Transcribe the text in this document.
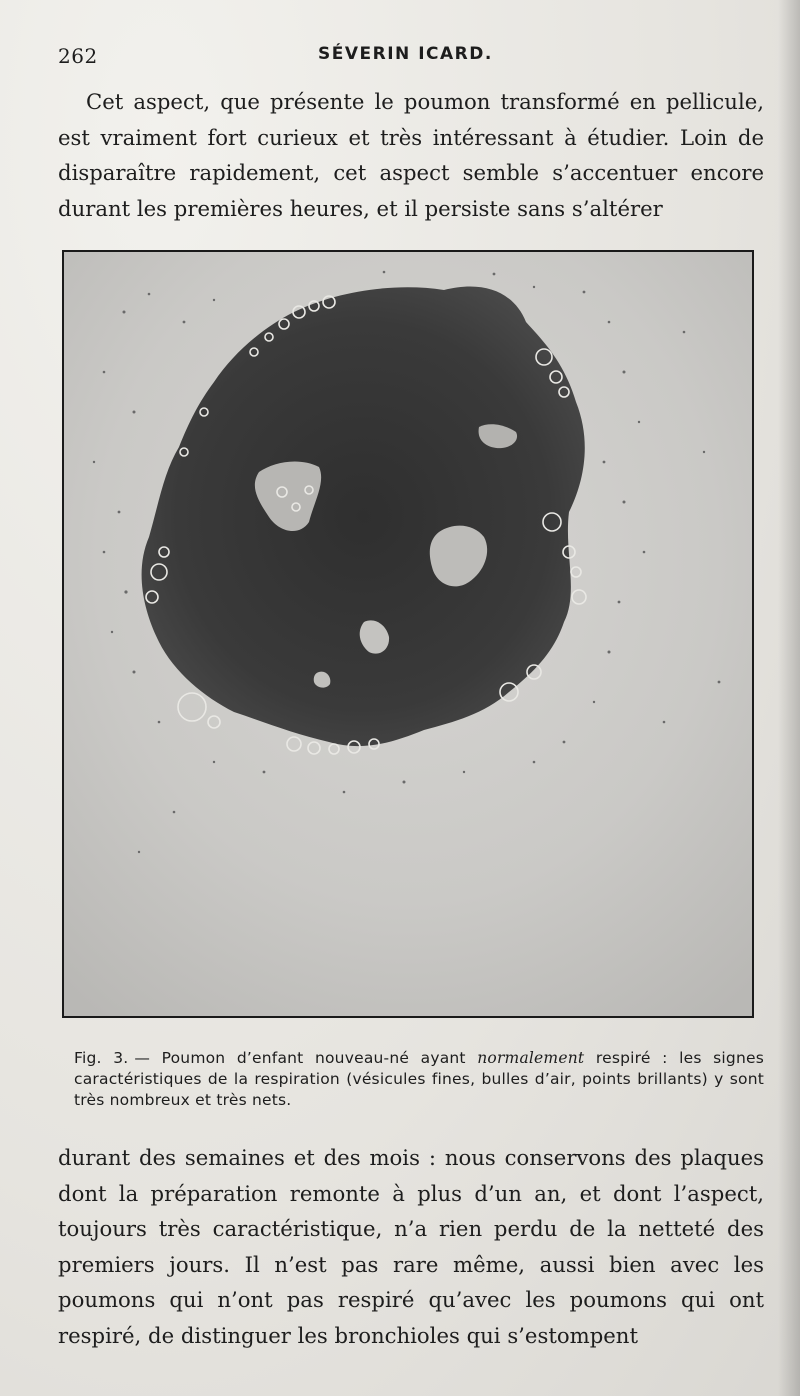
262	SÉVERIN ICARD.

Cet aspect, que présente le poumon transformé en pellicule, est vraiment fort curieux et très intéressant à étudier. Loin de disparaître rapidement, cet aspect semble s’accentuer encore durant les premières heures, et il persiste sans s’altérer

Fig. 3. — Poumon d’enfant nouveau-né ayant normalement respiré : les signes caractéristiques de la respiration (vésicules fines, bulles d’air, points brillants) y sont très nombreux et très nets.

durant des semaines et des mois : nous conservons des plaques dont la préparation remonte à plus d’un an, et dont l’aspect, toujours très caractéristique, n’a rien perdu de la netteté des premiers jours. Il n’est pas rare même, aussi bien avec les poumons qui n’ont pas respiré qu’avec les poumons qui ont respiré, de distinguer les bronchioles qui s’estompent
